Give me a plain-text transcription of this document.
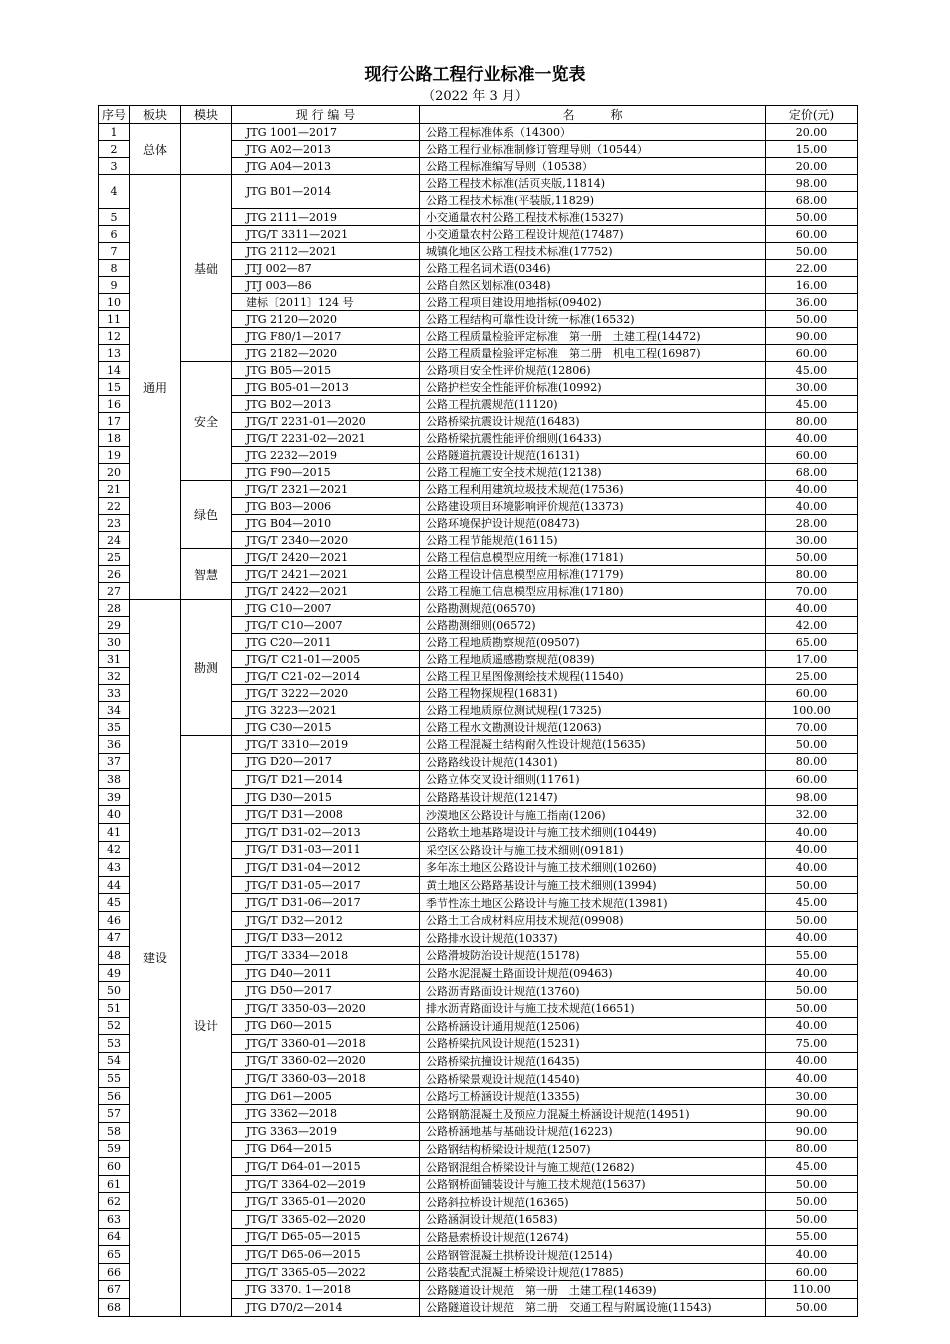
现行公路工程行业标准一览表
（2022 年 3 月）
序号	板块	模块	现 行 编 号	名　　　称	定价(元)
1	总体		JTG 1001—2017	公路工程标准体系（14300）	20.00
2			JTG A02—2013	公路工程行业标准制修订管理导则（10544）	15.00
3			JTG A04—2013	公路工程标准编写导则（10538）	20.00
4	通用	基础	JTG B01—2014	公路工程技术标准(活页夹版,11814)	98.00
				公路工程技术标准(平装版,11829)	68.00
5			JTG 2111—2019	小交通量农村公路工程技术标准(15327)	50.00
6			JTG/T 3311—2021	小交通量农村公路工程设计规范(17487)	60.00
7			JTG 2112—2021	城镇化地区公路工程技术标准(17752)	50.00
8			JTJ 002—87	公路工程名词术语(0346)	22.00
9			JTJ 003—86	公路自然区划标准(0348)	16.00
10			建标〔2011〕124 号	公路工程项目建设用地指标(09402)	36.00
11			JTG 2120—2020	公路工程结构可靠性设计统一标准(16532)	50.00
12			JTG F80/1—2017	公路工程质量检验评定标准　第一册　土建工程(14472)	90.00
13			JTG 2182—2020	公路工程质量检验评定标准　第二册　机电工程(16987)	60.00
14		安全	JTG B05—2015	公路项目安全性评价规范(12806)	45.00
15			JTG B05-01—2013	公路护栏安全性能评价标准(10992)	30.00
16			JTG B02—2013	公路工程抗震规范(11120)	45.00
17			JTG/T 2231-01—2020	公路桥梁抗震设计规范(16483)	80.00
18			JTG/T 2231-02—2021	公路桥梁抗震性能评价细则(16433)	40.00
19			JTG 2232—2019	公路隧道抗震设计规范(16131)	60.00
20			JTG F90—2015	公路工程施工安全技术规范(12138)	68.00
21		绿色	JTG/T 2321—2021	公路工程利用建筑垃圾技术规范(17536)	40.00
22			JTG B03—2006	公路建设项目环境影响评价规范(13373)	40.00
23			JTG B04—2010	公路环境保护设计规范(08473)	28.00
24			JTG/T 2340—2020	公路工程节能规范(16115)	30.00
25		智慧	JTG/T 2420—2021	公路工程信息模型应用统一标准(17181)	50.00
26			JTG/T 2421—2021	公路工程设计信息模型应用标准(17179)	80.00
27			JTG/T 2422—2021	公路工程施工信息模型应用标准(17180)	70.00
28	建设	勘测	JTG C10—2007	公路勘测规范(06570)	40.00
29			JTG/T C10—2007	公路勘测细则(06572)	42.00
30			JTG C20—2011	公路工程地质勘察规范(09507)	65.00
31			JTG/T C21-01—2005	公路工程地质遥感勘察规范(0839)	17.00
32			JTG/T C21-02—2014	公路工程卫星图像测绘技术规程(11540)	25.00
33			JTG/T 3222—2020	公路工程物探规程(16831)	60.00
34			JTG 3223—2021	公路工程地质原位测试规程(17325)	100.00
35			JTG C30—2015	公路工程水文勘测设计规范(12063)	70.00
36		设计	JTG/T 3310—2019	公路工程混凝土结构耐久性设计规范(15635)	50.00
37			JTG D20—2017	公路路线设计规范(14301)	80.00
38			JTG/T D21—2014	公路立体交叉设计细则(11761)	60.00
39			JTG D30—2015	公路路基设计规范(12147)	98.00
40			JTG/T D31—2008	沙漠地区公路设计与施工指南(1206)	32.00
41			JTG/T D31-02—2013	公路软土地基路堤设计与施工技术细则(10449)	40.00
42			JTG/T D31-03—2011	采空区公路设计与施工技术细则(09181)	40.00
43			JTG/T D31-04—2012	多年冻土地区公路设计与施工技术细则(10260)	40.00
44			JTG/T D31-05—2017	黄土地区公路路基设计与施工技术细则(13994)	50.00
45			JTG/T D31-06—2017	季节性冻土地区公路设计与施工技术规范(13981)	45.00
46			JTG/T D32—2012	公路土工合成材料应用技术规范(09908)	50.00
47			JTG/T D33—2012	公路排水设计规范(10337)	40.00
48			JTG/T 3334—2018	公路滑坡防治设计规范(15178)	55.00
49			JTG D40—2011	公路水泥混凝土路面设计规范(09463)	40.00
50			JTG D50—2017	公路沥青路面设计规范(13760)	50.00
51			JTG/T 3350-03—2020	排水沥青路面设计与施工技术规范(16651)	50.00
52			JTG D60—2015	公路桥涵设计通用规范(12506)	40.00
53			JTG/T 3360-01—2018	公路桥梁抗风设计规范(15231)	75.00
54			JTG/T 3360-02—2020	公路桥梁抗撞设计规范(16435)	40.00
55			JTG/T 3360-03—2018	公路桥梁景观设计规范(14540)	40.00
56			JTG D61—2005	公路圬工桥涵设计规范(13355)	30.00
57			JTG 3362—2018	公路钢筋混凝土及预应力混凝土桥涵设计规范(14951)	90.00
58			JTG 3363—2019	公路桥涵地基与基础设计规范(16223)	90.00
59			JTG D64—2015	公路钢结构桥梁设计规范(12507)	80.00
60			JTG/T D64-01—2015	公路钢混组合桥梁设计与施工规范(12682)	45.00
61			JTG/T 3364-02—2019	公路钢桥面铺装设计与施工技术规范(15637)	50.00
62			JTG/T 3365-01—2020	公路斜拉桥设计规范(16365)	50.00
63			JTG/T 3365-02—2020	公路涵洞设计规范(16583)	50.00
64			JTG/T D65-05—2015	公路悬索桥设计规范(12674)	55.00
65			JTG/T D65-06—2015	公路钢管混凝土拱桥设计规范(12514)	40.00
66			JTG/T 3365-05—2022	公路装配式混凝土桥梁设计规范(17885)	60.00
67			JTG 3370. 1—2018	公路隧道设计规范　第一册　土建工程(14639)	110.00
68			JTG D70/2—2014	公路隧道设计规范　第二册　交通工程与附属设施(11543)	50.00
